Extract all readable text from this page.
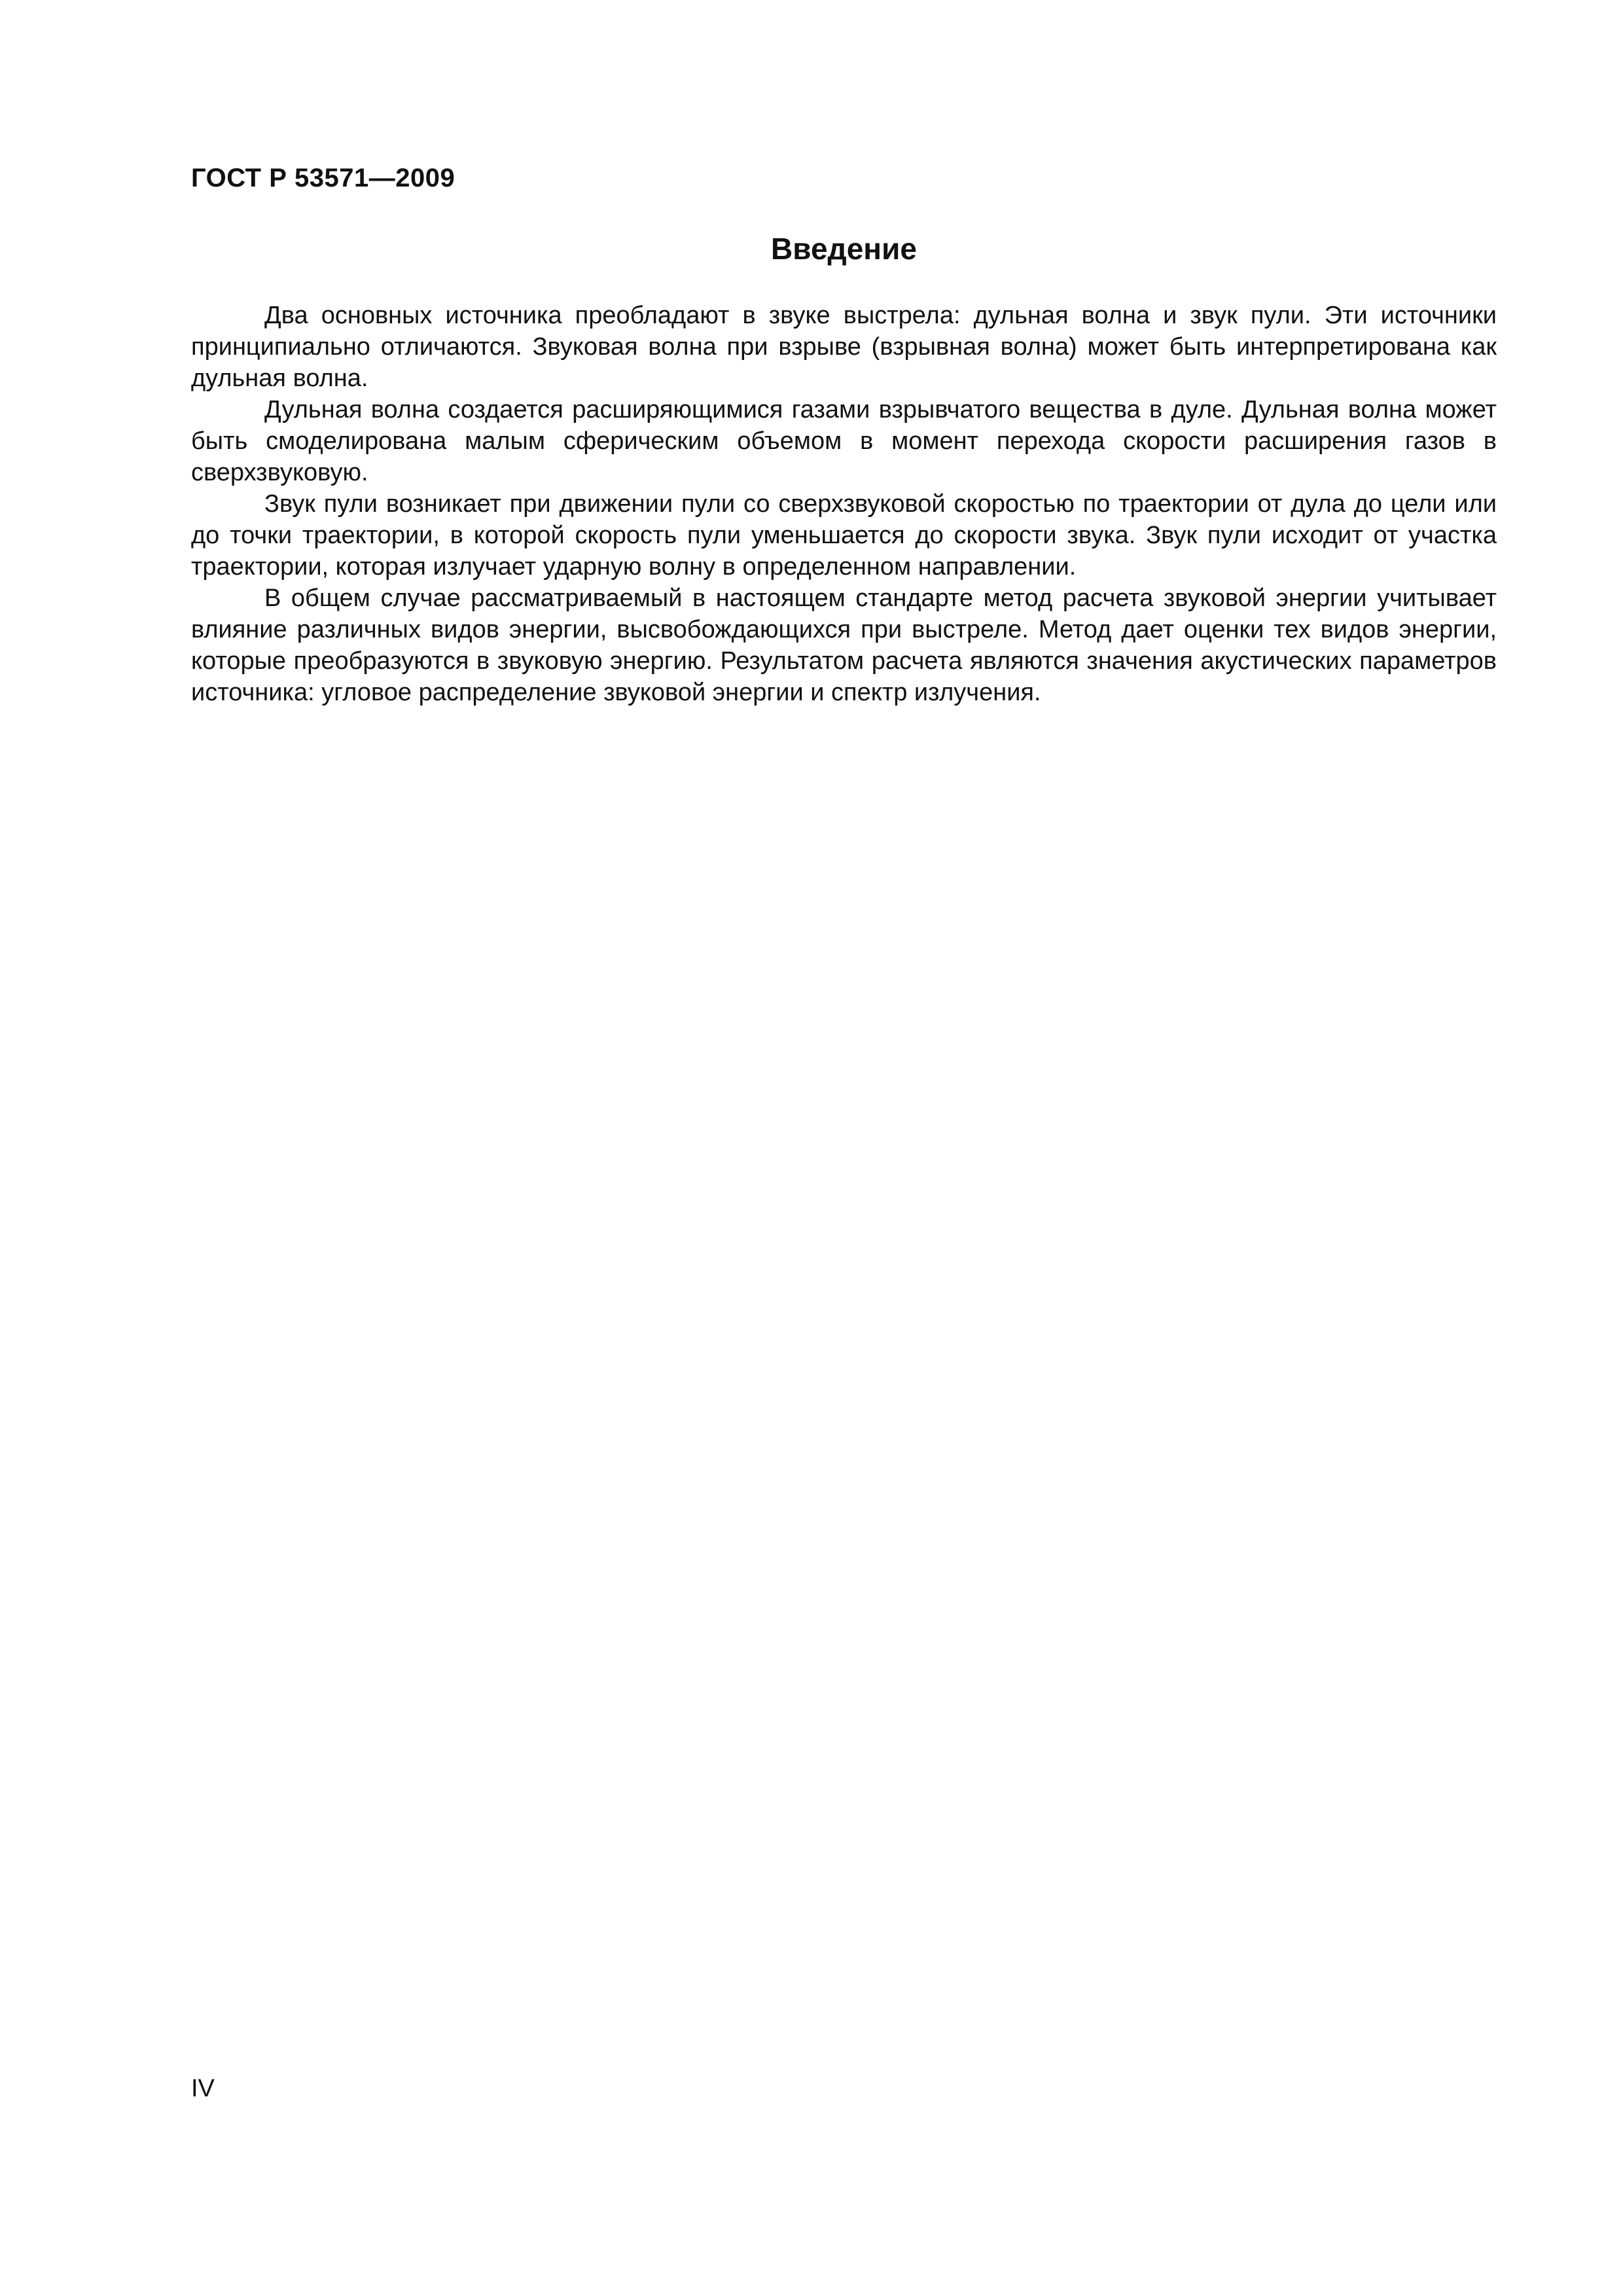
ГОСТ Р 53571—2009
Введение

Два основных источника преобладают в звуке выстрела: дульная волна и звук пули. Эти источники принципиально отличаются. Звуковая волна при взрыве (взрывная волна) может быть интерпретирована как дульная волна.

Дульная волна создается расширяющимися газами взрывчатого вещества в дуле. Дульная волна может быть смоделирована малым сферическим объемом в момент перехода скорости расширения газов в сверхзвуковую.

Звук пули возникает при движении пули со сверхзвуковой скоростью по траектории от дула до цели или до точки траектории, в которой скорость пули уменьшается до скорости звука. Звук пули исходит от участка траектории, которая излучает ударную волну в определенном направлении.

В общем случае рассматриваемый в настоящем стандарте метод расчета звуковой энергии учитывает влияние различных видов энергии, высвобождающихся при выстреле. Метод дает оценки тех видов энергии, которые преобразуются в звуковую энергию. Результатом расчета являются значения акустических параметров источника: угловое распределение звуковой энергии и спектр излучения.

IV
